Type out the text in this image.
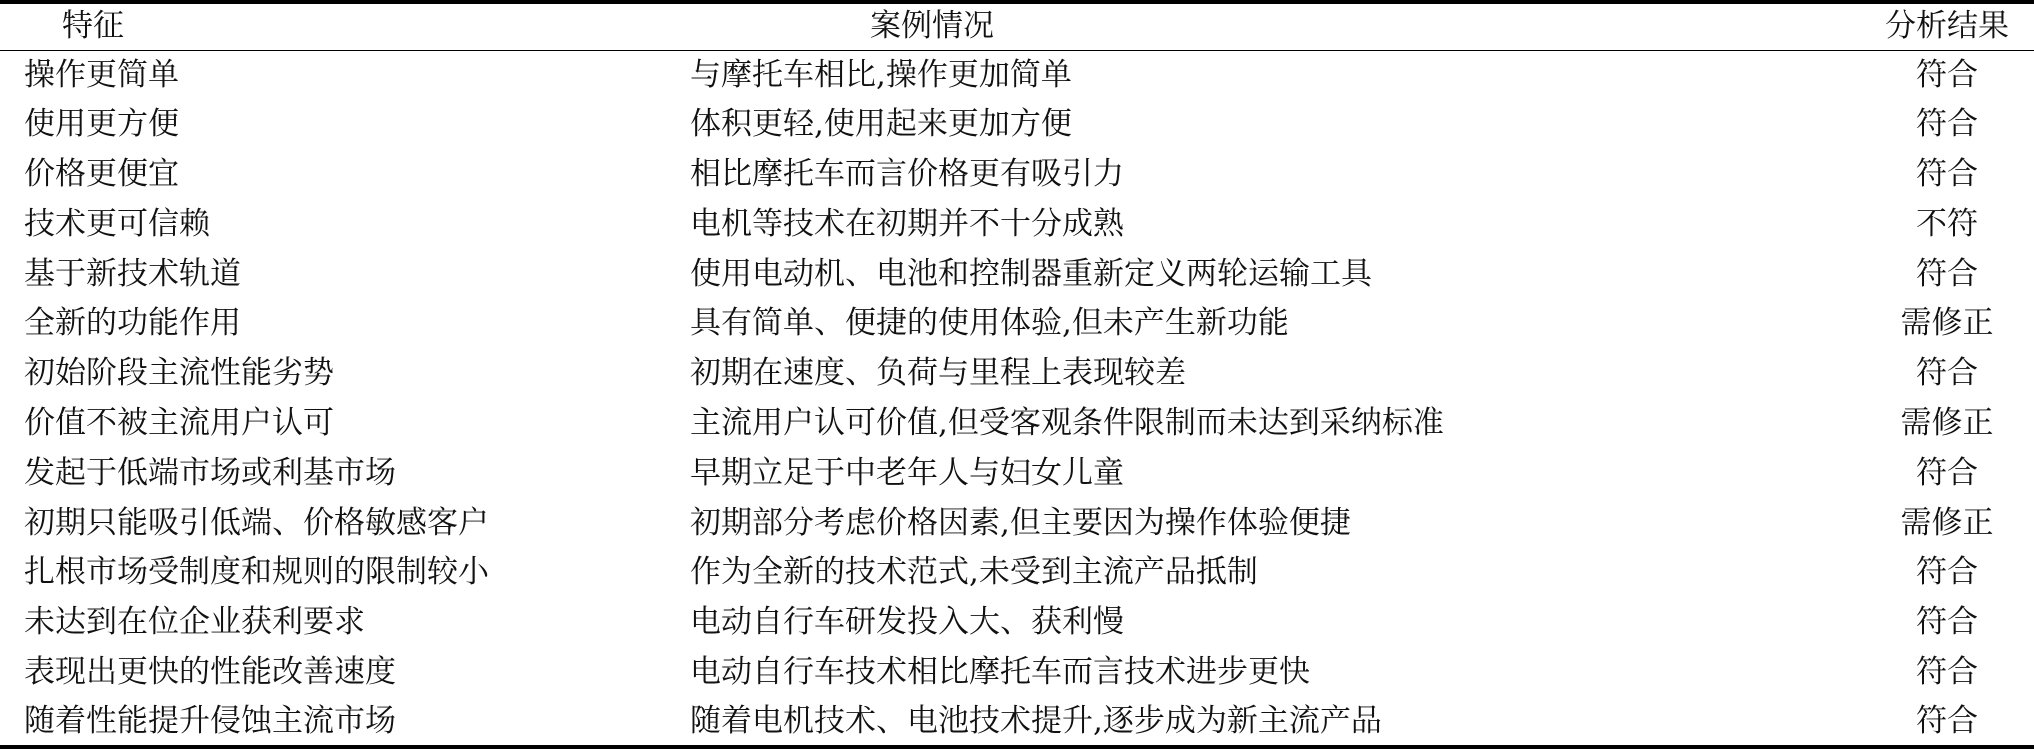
特征	案例情况	分析结果
操作更简单	与摩托车相比,操作更加简单	符合
使用更方便	体积更轻,使用起来更加方便	符合
价格更便宜	相比摩托车而言价格更有吸引力	符合
技术更可信赖	电机等技术在初期并不十分成熟	不符
基于新技术轨道	使用电动机、电池和控制器重新定义两轮运输工具	符合
全新的功能作用	具有简单、便捷的使用体验,但未产生新功能	需修正
初始阶段主流性能劣势	初期在速度、负荷与里程上表现较差	符合
价值不被主流用户认可	主流用户认可价值,但受客观条件限制而未达到采纳标准	需修正
发起于低端市场或利基市场	早期立足于中老年人与妇女儿童	符合
初期只能吸引低端、价格敏感客户	初期部分考虑价格因素,但主要因为操作体验便捷	需修正
扎根市场受制度和规则的限制较小	作为全新的技术范式,未受到主流产品抵制	符合
未达到在位企业获利要求	电动自行车研发投入大、获利慢	符合
表现出更快的性能改善速度	电动自行车技术相比摩托车而言技术进步更快	符合
随着性能提升侵蚀主流市场	随着电机技术、电池技术提升,逐步成为新主流产品	符合
